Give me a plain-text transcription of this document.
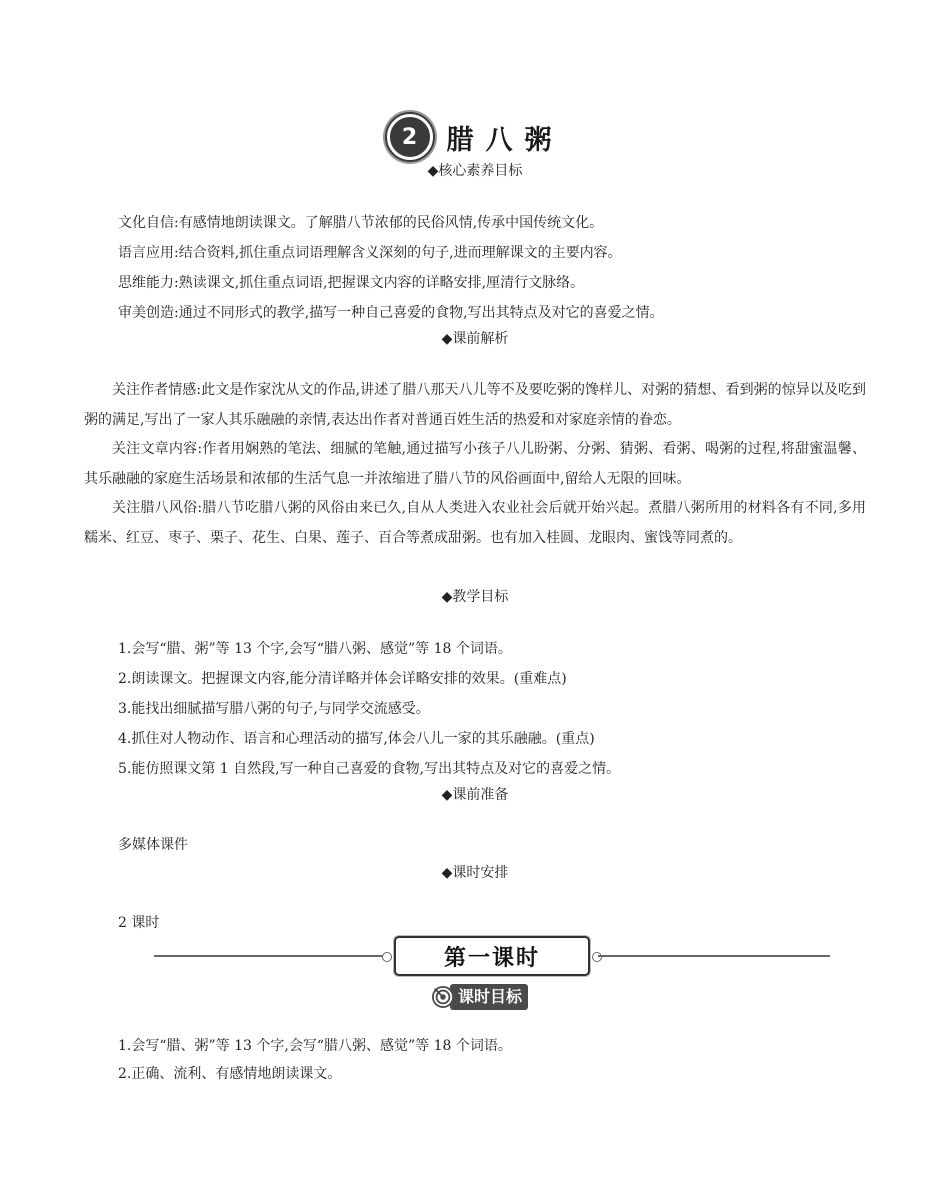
2	腊八粥
◆核心素养目标

文化自信:有感情地朗读课文。了解腊八节浓郁的民俗风情,传承中国传统文化。

语言应用:结合资料,抓住重点词语理解含义深刻的句子,进而理解课文的主要内容。

思维能力:熟读课文,抓住重点词语,把握课文内容的详略安排,厘清行文脉络。

审美创造:通过不同形式的教学,描写一种自己喜爱的食物,写出其特点及对它的喜爱之情。

◆课前解析

关注作者情感:此文是作家沈从文的作品,讲述了腊八那天八儿等不及要吃粥的馋样儿、对粥的猜想、看到粥的惊异以及吃到粥的满足,写出了一家人其乐融融的亲情,表达出作者对普通百姓生活的热爱和对家庭亲情的眷恋。

关注文章内容:作者用娴熟的笔法、细腻的笔触,通过描写小孩子八儿盼粥、分粥、猜粥、看粥、喝粥的过程,将甜蜜温馨、其乐融融的家庭生活场景和浓郁的生活气息一并浓缩进了腊八节的风俗画面中,留给人无限的回味。

关注腊八风俗:腊八节吃腊八粥的风俗由来已久,自从人类进入农业社会后就开始兴起。煮腊八粥所用的材料各有不同,多用糯米、红豆、枣子、栗子、花生、白果、莲子、百合等煮成甜粥。也有加入桂圆、龙眼肉、蜜饯等同煮的。

◆教学目标

1.会写“腊、粥”等 13 个字,会写“腊八粥、感觉”等 18 个词语。

2.朗读课文。把握课文内容,能分清详略并体会详略安排的效果。(重难点)

3.能找出细腻描写腊八粥的句子,与同学交流感受。

4.抓住对人物动作、语言和心理活动的描写,体会八儿一家的其乐融融。(重点)

5.能仿照课文第 1 自然段,写一种自己喜爱的食物,写出其特点及对它的喜爱之情。

◆课前准备
多媒体课件
◆课时安排
2 课时
第一课时
课时目标

1.会写“腊、粥”等 13 个字,会写“腊八粥、感觉”等 18 个词语。

2.正确、流利、有感情地朗读课文。
